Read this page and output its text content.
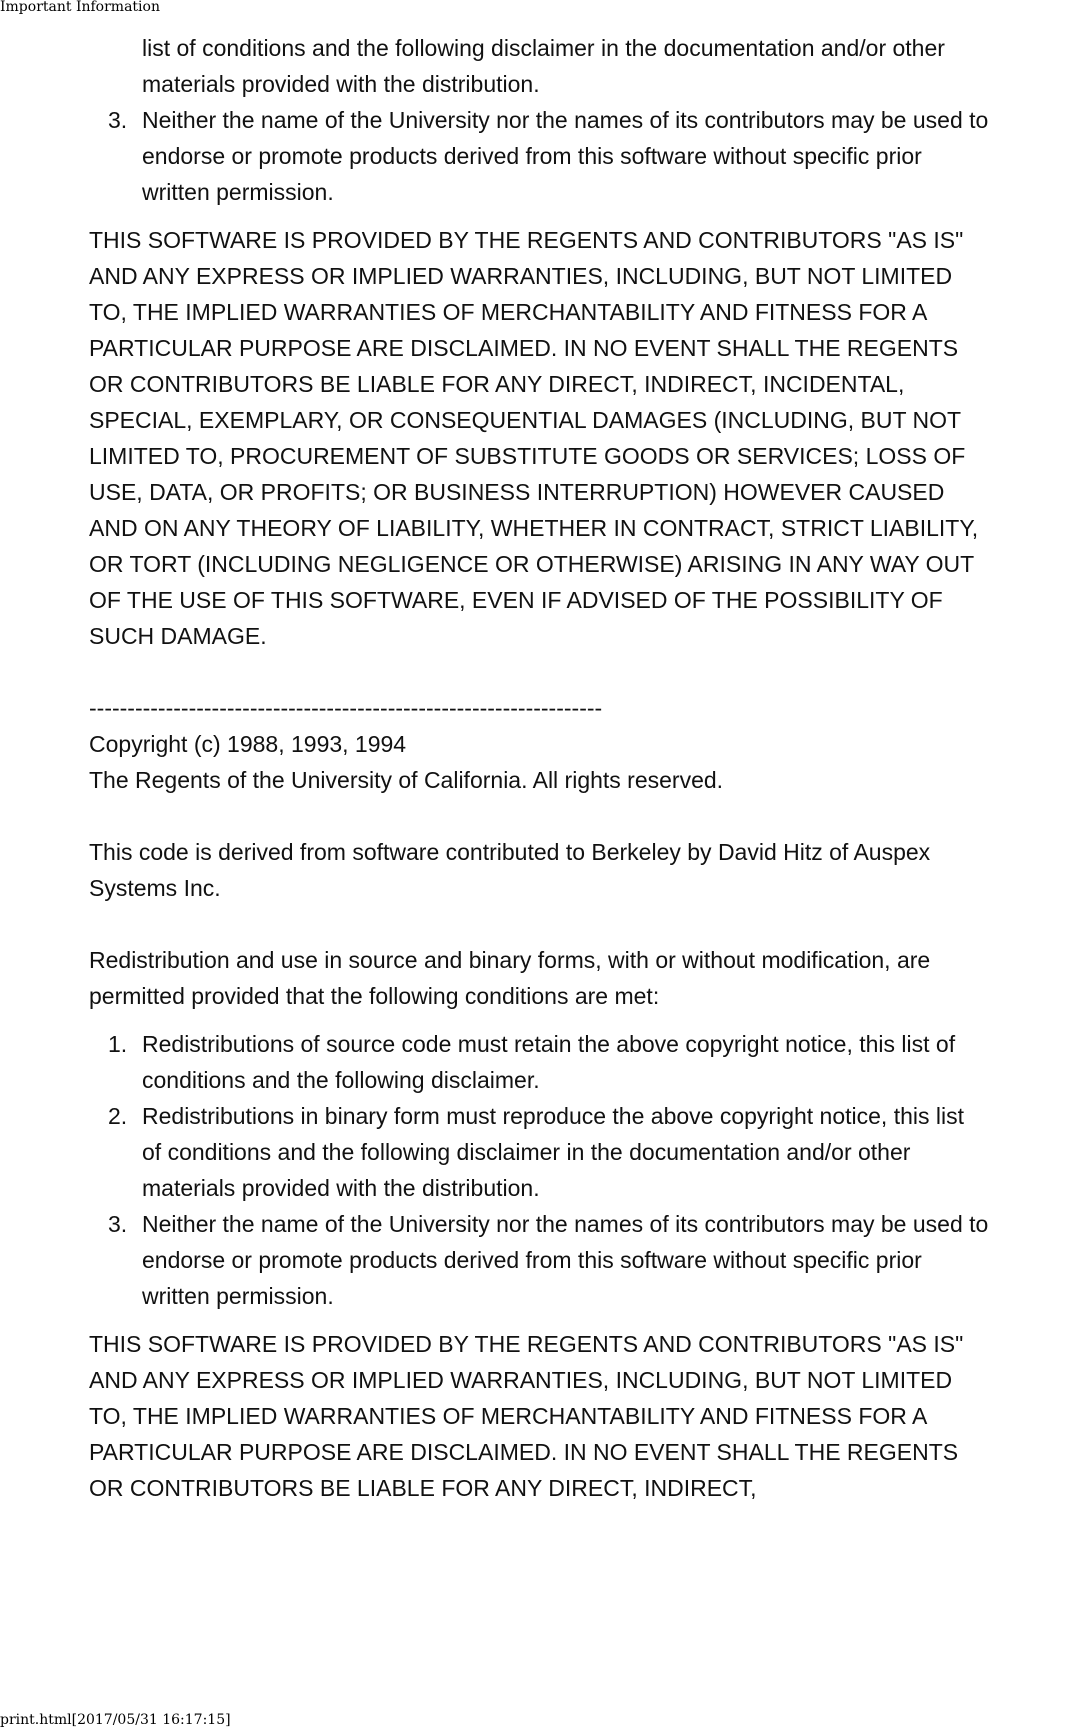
Important Information
list of conditions and the following disclaimer in the documentation and/or other materials provided with the distribution.
3. Neither the name of the University nor the names of its contributors may be used to endorse or promote products derived from this software without specific prior written permission.

THIS SOFTWARE IS PROVIDED BY THE REGENTS AND CONTRIBUTORS "AS IS" AND ANY EXPRESS OR IMPLIED WARRANTIES, INCLUDING, BUT NOT LIMITED TO, THE IMPLIED WARRANTIES OF MERCHANTABILITY AND FITNESS FOR A PARTICULAR PURPOSE ARE DISCLAIMED. IN NO EVENT SHALL THE REGENTS OR CONTRIBUTORS BE LIABLE FOR ANY DIRECT, INDIRECT, INCIDENTAL, SPECIAL, EXEMPLARY, OR CONSEQUENTIAL DAMAGES (INCLUDING, BUT NOT LIMITED TO, PROCUREMENT OF SUBSTITUTE GOODS OR SERVICES; LOSS OF USE, DATA, OR PROFITS; OR BUSINESS INTERRUPTION) HOWEVER CAUSED AND ON ANY THEORY OF LIABILITY, WHETHER IN CONTRACT, STRICT LIABILITY, OR TORT (INCLUDING NEGLIGENCE OR OTHERWISE) ARISING IN ANY WAY OUT OF THE USE OF THIS SOFTWARE, EVEN IF ADVISED OF THE POSSIBILITY OF SUCH DAMAGE.

-------------------------------------------------------------------

Copyright (c) 1988, 1993, 1994

The Regents of the University of California. All rights reserved.

This code is derived from software contributed to Berkeley by David Hitz of Auspex Systems Inc.

Redistribution and use in source and binary forms, with or without modification, are permitted provided that the following conditions are met:

1. Redistributions of source code must retain the above copyright notice, this list of conditions and the following disclaimer.
2. Redistributions in binary form must reproduce the above copyright notice, this list of conditions and the following disclaimer in the documentation and/or other materials provided with the distribution.
3. Neither the name of the University nor the names of its contributors may be used to endorse or promote products derived from this software without specific prior written permission.

THIS SOFTWARE IS PROVIDED BY THE REGENTS AND CONTRIBUTORS "AS IS" AND ANY EXPRESS OR IMPLIED WARRANTIES, INCLUDING, BUT NOT LIMITED TO, THE IMPLIED WARRANTIES OF MERCHANTABILITY AND FITNESS FOR A PARTICULAR PURPOSE ARE DISCLAIMED. IN NO EVENT SHALL THE REGENTS OR CONTRIBUTORS BE LIABLE FOR ANY DIRECT, INDIRECT,

print.html[2017/05/31 16:17:15]
